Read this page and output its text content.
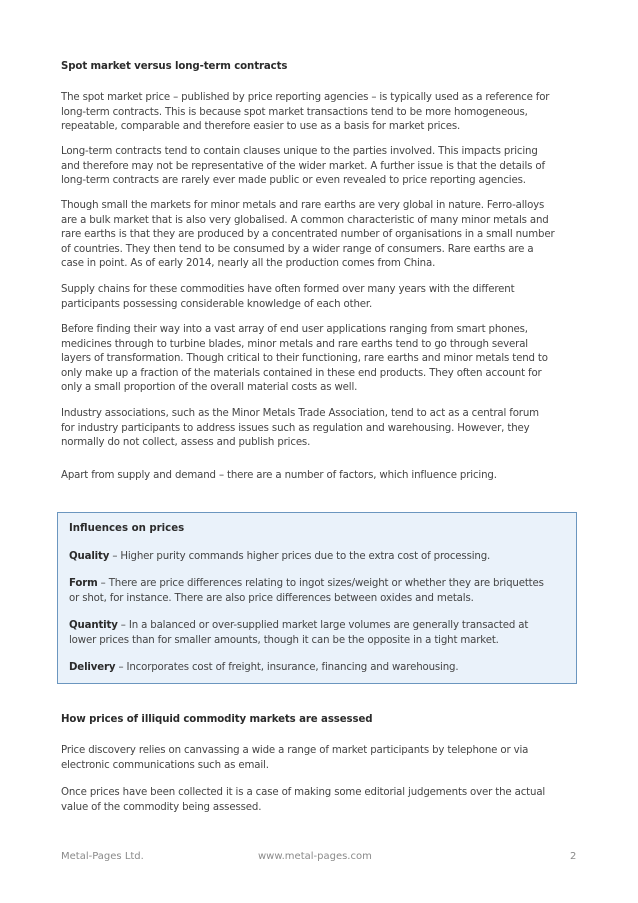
Spot market versus long-term contracts
The spot market price – published by price reporting agencies – is typically used as a reference for
long-term contracts. This is because spot market transactions tend to be more homogeneous,
repeatable, comparable and therefore easier to use as a basis for market prices.
Long-term contracts tend to contain clauses unique to the parties involved. This impacts pricing
and therefore may not be representative of the wider market. A further issue is that the details of
long-term contracts are rarely ever made public or even revealed to price reporting agencies.
Though small the markets for minor metals and rare earths are very global in nature. Ferro-alloys
are a bulk market that is also very globalised. A common characteristic of many minor metals and
rare earths is that they are produced by a concentrated number of organisations in a small number
of countries. They then tend to be consumed by a wider range of consumers. Rare earths are a
case in point. As of early 2014, nearly all the production comes from China.
Supply chains for these commodities have often formed over many years with the different
participants possessing considerable knowledge of each other.
Before finding their way into a vast array of end user applications ranging from smart phones,
medicines through to turbine blades, minor metals and rare earths tend to go through several
layers of transformation. Though critical to their functioning, rare earths and minor metals tend to
only make up a fraction of the materials contained in these end products. They often account for
only a small proportion of the overall material costs as well.
Industry associations, such as the Minor Metals Trade Association, tend to act as a central forum
for industry participants to address issues such as regulation and warehousing. However, they
normally do not collect, assess and publish prices.
Apart from supply and demand – there are a number of factors, which influence pricing.
How prices of illiquid commodity markets are assessed
Price discovery relies on canvassing a wide a range of market participants by telephone or via
electronic communications such as email.
Once prices have been collected it is a case of making some editorial judgements over the actual
value of the commodity being assessed.
Influences on prices
Quality – Higher purity commands higher prices due to the extra cost of processing.
Form – There are price differences relating to ingot sizes/weight or whether they are briquettes
or shot, for instance. There are also price differences between oxides and metals.
Quantity – In a balanced or over-supplied market large volumes are generally transacted at
lower prices than for smaller amounts, though it can be the opposite in a tight market.
Delivery – Incorporates cost of freight, insurance, financing and warehousing.
Metal-Pages Ltd.	www.metal-pages.com	2
